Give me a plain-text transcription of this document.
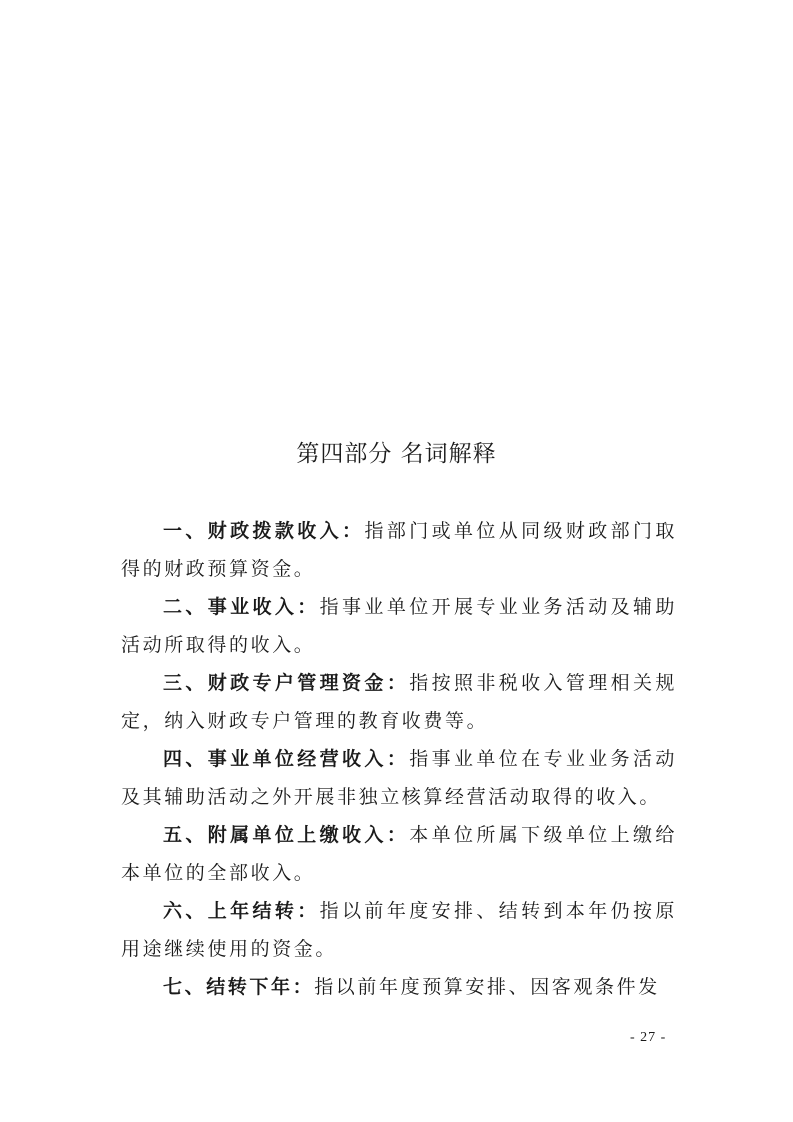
第四部分 名词解释

一、财政拨款收入：指部门或单位从同级财政部门取得的财政预算资金。

二、事业收入：指事业单位开展专业业务活动及辅助活动所取得的收入。

三、财政专户管理资金：指按照非税收入管理相关规定，纳入财政专户管理的教育收费等。

四、事业单位经营收入：指事业单位在专业业务活动及其辅助活动之外开展非独立核算经营活动取得的收入。

五、附属单位上缴收入：本单位所属下级单位上缴给本单位的全部收入。

六、上年结转：指以前年度安排、结转到本年仍按原用途继续使用的资金。

七、结转下年：指以前年度预算安排、因客观条件发

- 27 -
